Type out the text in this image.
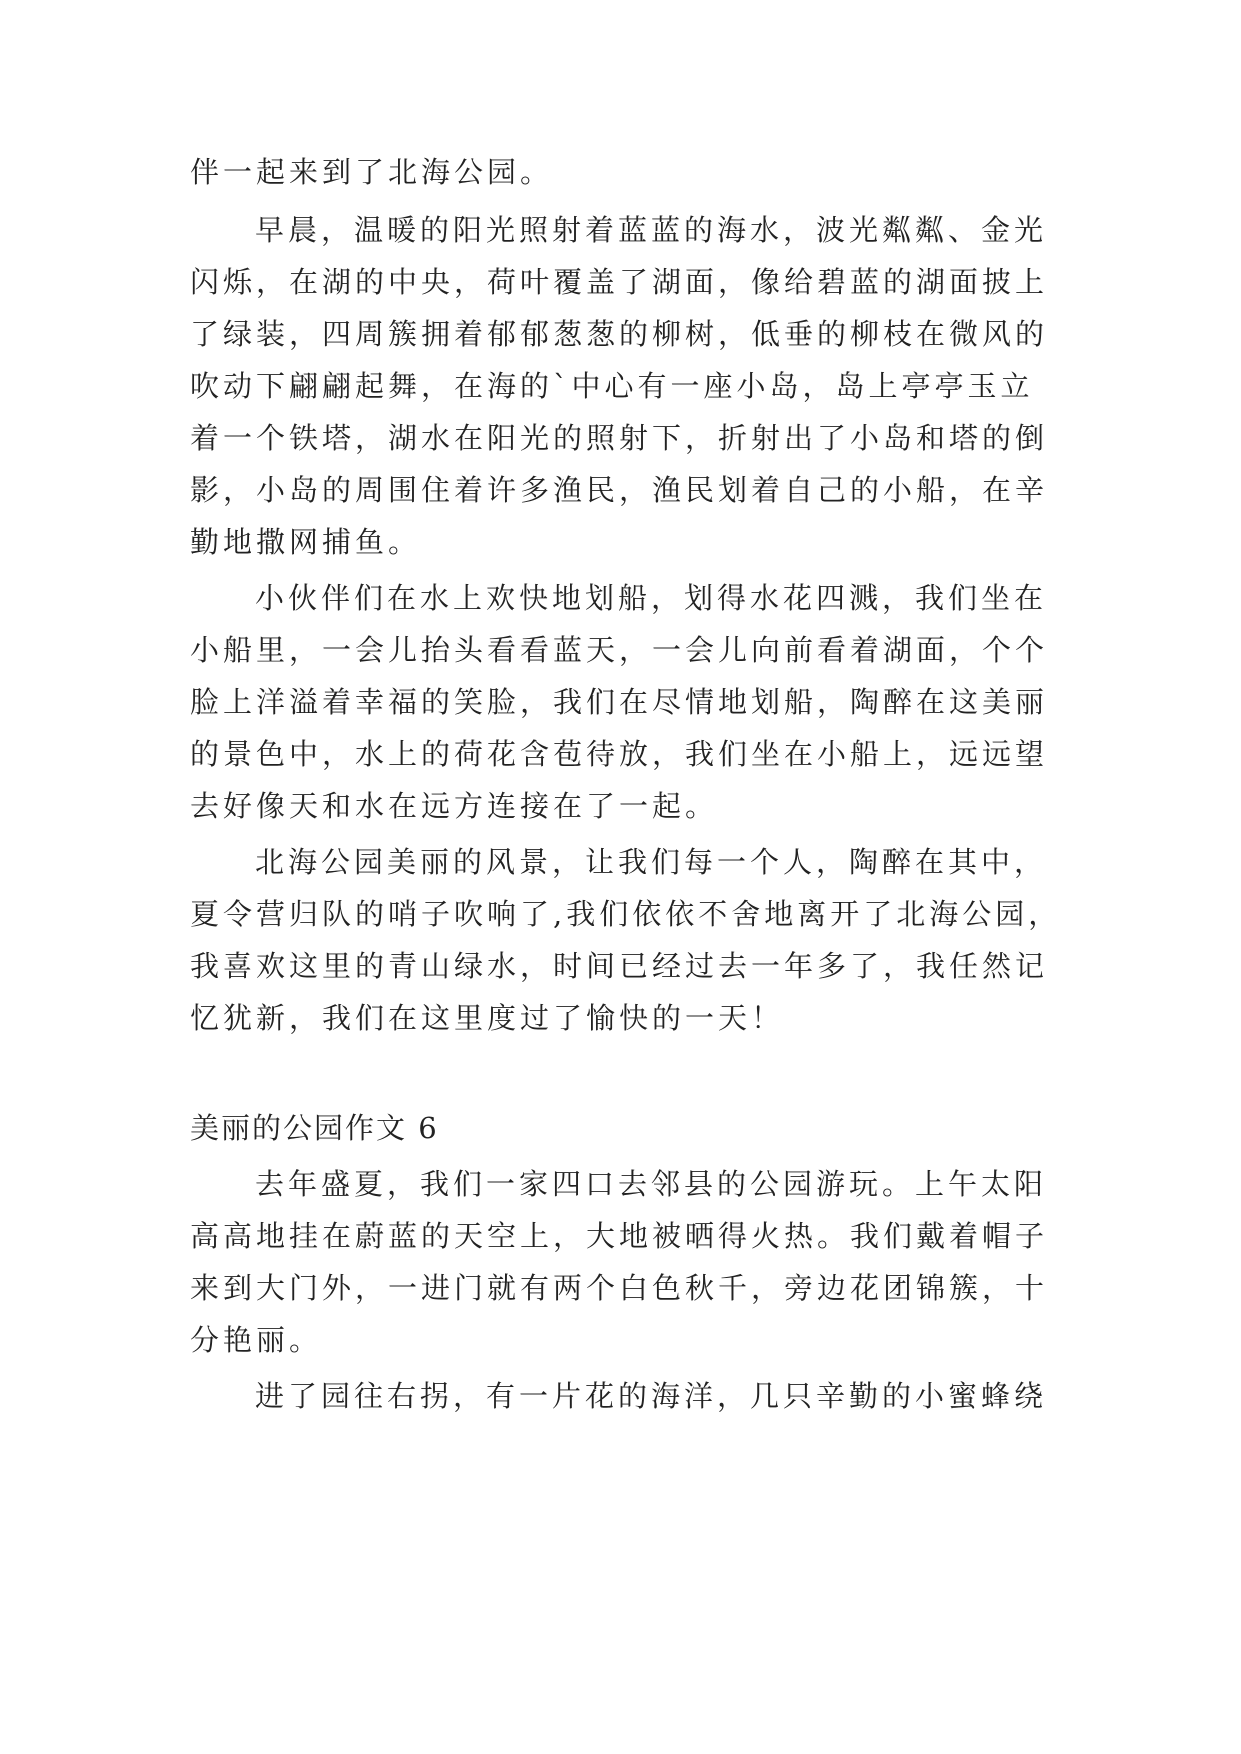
伴一起来到了北海公园。
早晨，温暖的阳光照射着蓝蓝的海水，波光粼粼、金光
闪烁，在湖的中央，荷叶覆盖了湖面，像给碧蓝的湖面披上
了绿装，四周簇拥着郁郁葱葱的柳树，低垂的柳枝在微风的
吹动下翩翩起舞，在海的`中心有一座小岛，岛上亭亭玉立
着一个铁塔，湖水在阳光的照射下，折射出了小岛和塔的倒
影，小岛的周围住着许多渔民，渔民划着自己的小船，在辛
勤地撒网捕鱼。
小伙伴们在水上欢快地划船，划得水花四溅，我们坐在
小船里，一会儿抬头看看蓝天，一会儿向前看着湖面，个个
脸上洋溢着幸福的笑脸，我们在尽情地划船，陶醉在这美丽
的景色中，水上的荷花含苞待放，我们坐在小船上，远远望
去好像天和水在远方连接在了一起。
北海公园美丽的风景，让我们每一个人，陶醉在其中，
夏令营归队的哨子吹响了,我们依依不舍地离开了北海公园，
我喜欢这里的青山绿水，时间已经过去一年多了，我任然记
忆犹新，我们在这里度过了愉快的一天！
美丽的公园作文 6
去年盛夏，我们一家四口去邻县的公园游玩。上午太阳
高高地挂在蔚蓝的天空上，大地被晒得火热。我们戴着帽子
来到大门外，一进门就有两个白色秋千，旁边花团锦簇，十
分艳丽。
进了园往右拐，有一片花的海洋，几只辛勤的小蜜蜂绕
